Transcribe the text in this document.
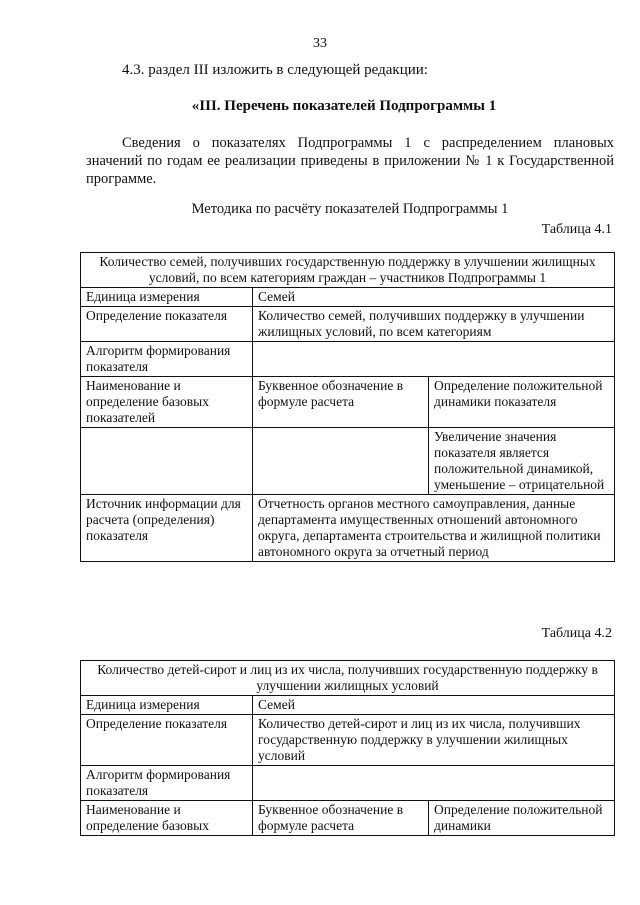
33
4.3. раздел III изложить в следующей редакции:
«III. Перечень показателей Подпрограммы 1
Сведения о показателях Подпрограммы 1 с распределением плановых значений по годам ее реализации приведены в приложении № 1 к Государственной программе.
Методика по расчёту показателей Подпрограммы 1
Таблица 4.1
Количество семей, получивших государственную поддержку в улучшении жилищных условий, по всем категориям граждан – участников Подпрограммы 1		
Единица измерения	Семей	
Определение показателя	Количество семей, получивших поддержку в улучшении жилищных условий, по всем категориям	
Алгоритм формирования показателя		
Наименование и определение базовых показателей	Буквенное обозначение в формуле расчета	Определение положительной динамики показателя
		Увеличение значения показателя является положительной динамикой, уменьшение – отрицательной
Источник информации для расчета (определения) показателя	Отчетность органов местного самоуправления, данные департамента имущественных отношений автономного округа, департамента строительства и жилищной политики автономного округа за отчетный период	
Таблица 4.2
Количество детей-сирот и лиц из их числа, получивших государственную поддержку в улучшении жилищных условий		
Единица измерения	Семей	
Определение показателя	Количество детей-сирот и лиц из их числа, получивших государственную поддержку в улучшении жилищных условий	
Алгоритм формирования показателя		
Наименование и определение базовых	Буквенное обозначение в формуле расчета	Определение положительной динамики
